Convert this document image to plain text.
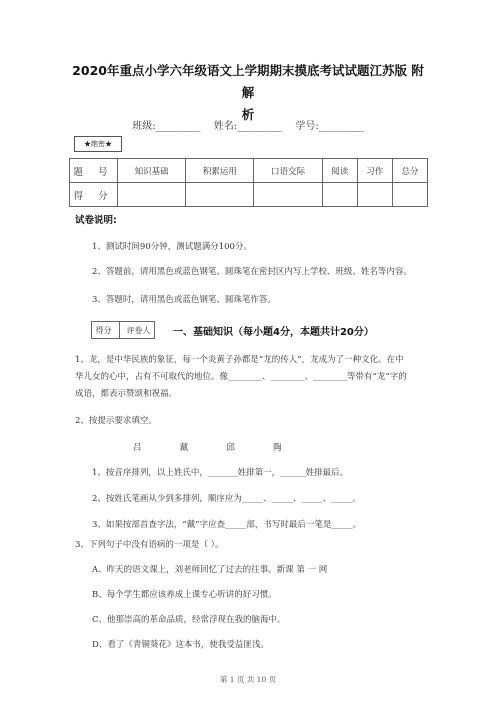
2020年重点小学六年级语文上学期期末摸底考试试题江苏版 附解
析
班级:_________ 姓名:_________ 学号:_________
★绝密★
题 号	知识基础	积累运用	口语交际	阅读	习作	总分
得 分						
试卷说明:
1、测试时间90分钟，测试题满分100分。
2、答题前，请用黑色或蓝色钢笔、圆珠笔在密封区内写上学校、班级、姓名等内容。
3、答题时，请用黑色或蓝色钢笔、圆珠笔作答。
得分 评卷人 一、基础知识（每小题4分，本题共计20分）
1、龙，是中华民族的象征，每一个炎黄子孙都是“龙的传人”，龙成为了一种文化。在中
华儿女的心中，占有不可取代的地位。像________、________、________等带有“龙”字的
成语，都表示赞颂和祝福。
2、按提示要求填空。
吕	戴	邱	陶
1、按音序排列，以上姓氏中，_______姓排第一，______姓排最后。
2、按姓氏笔画从少到多排列，顺序应为_____、_____、_____、_____。
3、如果按部首查字法，“戴”字应查_____部，书写时最后一笔是_____。
3、下列句子中没有语病的一项是（ ）。
A、昨天的语文课上，刘老师回忆了过去的往事。新课 第 一 网
B、每个学生都应该养成上课专心听讲的好习惯。
C、他那崇高的革命品质，经常浮现在我的脑海中。
D、看了《青铜葵花》这本书，使我受益匪浅。
第 1 页 共 10 页
